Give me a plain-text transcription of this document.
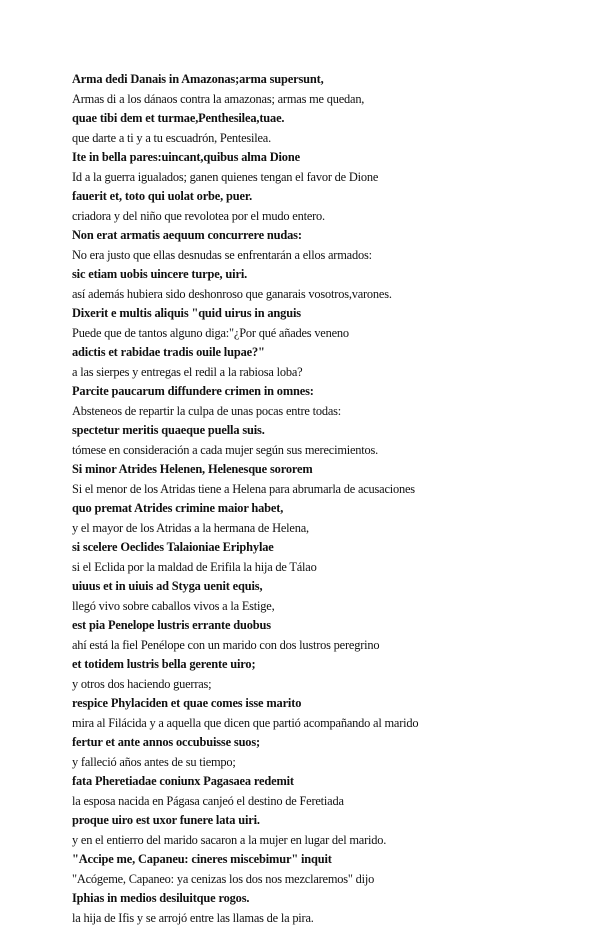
Arma dedi Danais in Amazonas;arma supersunt,
Armas di a los dánaos contra la amazonas; armas me quedan,
quae tibi dem et turmae,Penthesilea,tuae.
que darte a ti y a tu escuadrón, Pentesilea.
Ite in bella pares:uincant,quibus alma Dione
Id a la guerra igualados; ganen quienes tengan el favor de Dione
fauerit et, toto qui uolat orbe, puer.
criadora y del niño que revolotea por el mudo entero.
Non erat armatis aequum concurrere nudas:
No era justo que ellas desnudas se enfrentarán a ellos armados:
sic etiam uobis uincere turpe, uiri.
así además hubiera sido deshonroso que ganarais vosotros,varones.
Dixerit e multis aliquis "quid uirus in anguis
Puede que de tantos alguno diga:"¿Por qué añades veneno
adictis et rabidae tradis ouile lupae?"
a las sierpes y entregas el redil a la rabiosa loba?
Parcite paucarum diffundere crimen in omnes:
Absteneos de repartir la culpa de unas pocas entre todas:
spectetur meritis quaeque puella suis.
tómese en consideración a cada mujer según sus merecimientos.
Si minor Atrides Helenen, Helenesque sororem
Si el menor de los Atridas tiene a Helena para abrumarla de acusaciones
quo premat Atrides crimine maior habet,
y el mayor de los Atridas a la hermana de Helena,
si scelere Oeclides Talaioniae Eriphylae
si el Eclida por la maldad de Erifila la hija de Tálao
uiuus et in uiuis ad Styga uenit equis,
llegó vivo sobre caballos vivos a la Estige,
est pia Penelope lustris errante duobus
ahí está la fiel Penélope con un marido con dos lustros peregrino
et totidem lustris bella gerente uiro;
y otros dos haciendo guerras;
respice Phylaciden et quae comes isse marito
mira al Filácida y a aquella que dicen que partió acompañando al marido
fertur et ante annos occubuisse suos;
y falleció años antes de su tiempo;
fata Pheretiadae coniunx Pagasaea redemit
la esposa nacida en Págasa canjeó el destino de Feretiada
proque uiro est uxor funere lata uiri.
y en el entierro del marido sacaron a la mujer en lugar del marido.
"Accipe me, Capaneu: cineres miscebimur" inquit
"Acógeme, Capaneo: ya cenizas los dos nos mezclaremos" dijo
Iphias in medios desiluitque rogos.
la hija de Ifis y se arrojó entre las llamas de la pira.
